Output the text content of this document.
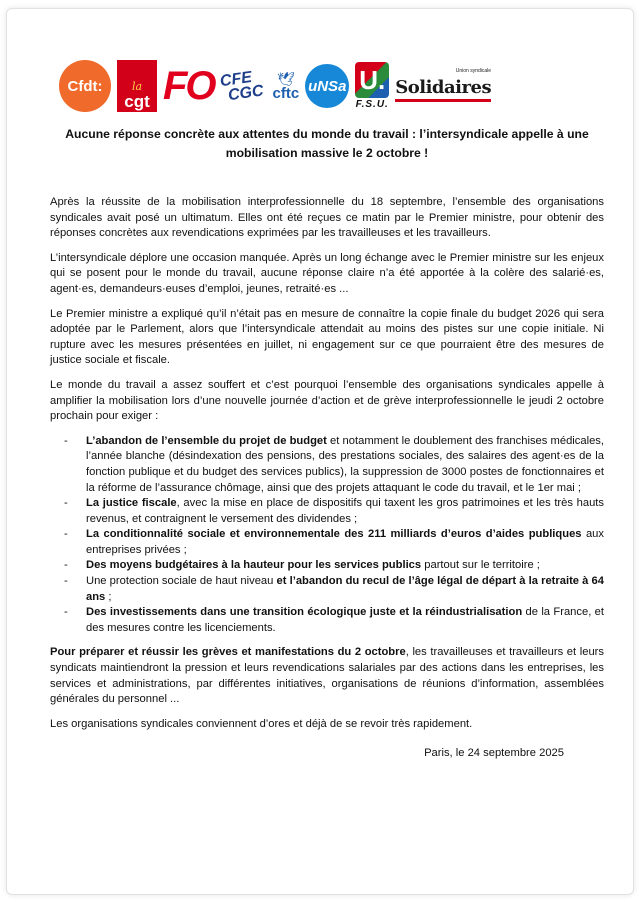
Cfdt:	la
cgt FO CFE
CGC
🕊
cftc uNSa U.
F.S.U.
Union syndicale
Solidaires
Aucune réponse concrète aux attentes du monde du travail : l’intersyndicale appelle à une mobilisation massive le 2 octobre !

Après la réussite de la mobilisation interprofessionnelle du 18 septembre, l’ensemble des organisations syndicales avait posé un ultimatum. Elles ont été reçues ce matin par le Premier ministre, pour obtenir des réponses concrètes aux revendications exprimées par les travailleuses et les travailleurs.

L’intersyndicale déplore une occasion manquée. Après un long échange avec le Premier ministre sur les enjeux qui se posent pour le monde du travail, aucune réponse claire n’a été apportée à la colère des salarié·es, agent·es, demandeurs·euses d’emploi, jeunes, retraité·es ...

Le Premier ministre a expliqué qu’il n’était pas en mesure de connaître la copie finale du budget 2026 qui sera adoptée par le Parlement, alors que l’intersyndicale attendait au moins des pistes sur une copie initiale. Ni rupture avec les mesures présentées en juillet, ni engagement sur ce que pourraient être des mesures de justice sociale et fiscale.

Le monde du travail a assez souffert et c’est pourquoi l’ensemble des organisations syndicales appelle à amplifier la mobilisation lors d’une nouvelle journée d’action et de grève interprofessionnelle le jeudi 2 octobre prochain pour exiger :

- L’abandon de l’ensemble du projet de budget et notamment le doublement des franchises médicales, l’année blanche (désindexation des pensions, des prestations sociales, des salaires des agent·es de la fonction publique et du budget des services publics), la suppression de 3000 postes de fonctionnaires et la réforme de l’assurance chômage, ainsi que des projets attaquant le code du travail, et le 1er mai ;
- La justice fiscale, avec la mise en place de dispositifs qui taxent les gros patrimoines et les très hauts revenus, et contraignent le versement des dividendes ;
- La conditionnalité sociale et environnementale des 211 milliards d’euros d’aides publiques aux entreprises privées ;
- Des moyens budgétaires à la hauteur pour les services publics partout sur le territoire ;
- Une protection sociale de haut niveau et l’abandon du recul de l’âge légal de départ à la retraite à 64 ans ;
- Des investissements dans une transition écologique juste et la réindustrialisation de la France, et des mesures contre les licenciements.

Pour préparer et réussir les grèves et manifestations du 2 octobre, les travailleuses et travailleurs et leurs syndicats maintiendront la pression et leurs revendications salariales par des actions dans les entreprises, les services et administrations, par différentes initiatives, organisations de réunions d’information, assemblées générales du personnel ...

Les organisations syndicales conviennent d’ores et déjà de se revoir très rapidement.

Paris, le 24 septembre 2025
